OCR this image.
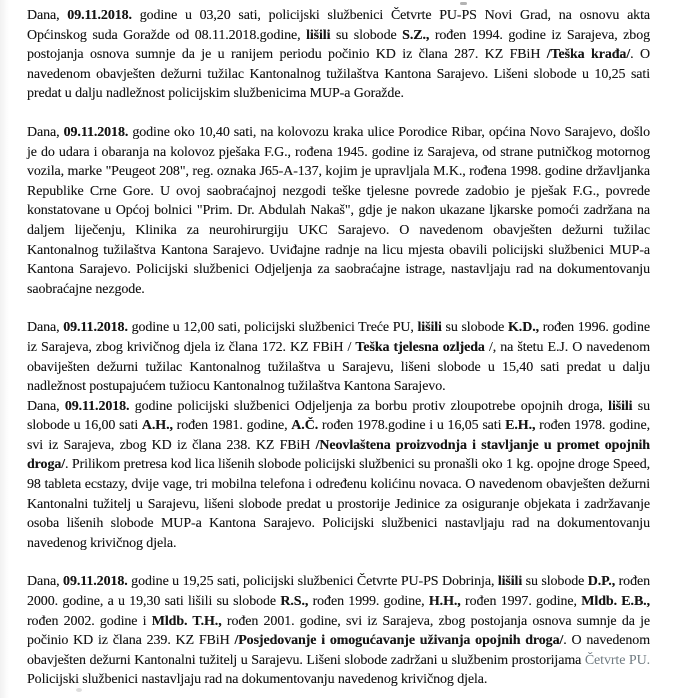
Dana, 09.11.2018. godine u 03,20 sati, policijski službenici Četvrte PU-PS Novi Grad, na osnovu akta Općinskog suda Goražde od 08.11.2018.godine, lišili su slobode S.Z., rođen 1994. godine iz Sarajeva, zbog postojanja osnova sumnje da je u ranijem periodu počinio KD iz člana 287. KZ FBiH /Teška krađa/. O navedenom obavješten dežurni tužilac Kantonalnog tužilaštva Kantona Sarajevo. Lišeni slobode u 10,25 sati predat u dalju nadležnost policijskim službenicima MUP-a Goražde.

Dana, 09.11.2018. godine oko 10,40 sati, na kolovozu kraka ulice Porodice Ribar, općina Novo Sarajevo, došlo je do udara i obaranja na kolovoz pješaka F.G., rođena 1945. godine iz Sarajeva, od strane putničkog motornog vozila, marke "Peugeot 208", reg. oznaka J65-A-137, kojim je upravljala M.K., rođena 1998. godine državljanka Republike Crne Gore. U ovoj saobraćajnoj nezgodi teške tjelesne povrede zadobio je pješak F.G., povrede konstatovane u Općoj bolnici "Prim. Dr. Abdulah Nakaš", gdje je nakon ukazane ljkarske pomoći zadržana na daljem liječenju, Klinika za neurohirurgiju UKC Sarajevo. O navedenom obavješten dežurni tužilac Kantonalnog tužilaštva Kantona Sarajevo. Uviđajne radnje na licu mjesta obavili policijski službenici MUP-a Kantona Sarajevo. Policijski službenici Odjeljenja za saobraćajne istrage, nastavljaju rad na dokumentovanju saobraćajne nezgode.

Dana, 09.11.2018. godine u 12,00 sati, policijski službenici Treće PU, lišili su slobode K.D., rođen 1996. godine iz Sarajeva, zbog krivičnog djela iz člana 172. KZ FBiH / Teška tjelesna ozljeda /, na štetu E.J. O navedenom obaviješten dežurni tužilac Kantonalnog tužilaštva u Sarajevu, lišeni slobode u 15,40 sati predat u dalju nadležnost postupajućem tužiocu Kantonalnog tužilaštva Kantona Sarajevo.

Dana, 09.11.2018. godine policijski službenici Odjeljenja za borbu protiv zloupotrebe opojnih droga, lišili su slobode u 16,00 sati A.H., rođen 1981. godine, A.Č. rođen 1978.godine i u 16,05 sati E.H., rođen 1978. godine, svi iz Sarajeva, zbog KD iz člana 238. KZ FBiH /Neovlaštena proizvodnja i stavljanje u promet opojnih droga/. Prilikom pretresa kod lica lišenih slobode policijski službenici su pronašli oko 1 kg. opojne droge Speed, 98 tableta ecstazy, dvije vage, tri mobilna telefona i određenu kolićinu novaca. O navedenom obavješten dežurni Kantonalni tužitelj u Sarajevu, lišeni slobode predat u prostorije Jedinice za osiguranje objekata i zadržavanje osoba lišenih slobode MUP-a Kantona Sarajevo. Policijski službenici nastavljaju rad na dokumentovanju navedenog krivičnog djela.

Dana, 09.11.2018. godine u 19,25 sati, policijski službenici Četvrte PU-PS Dobrinja, lišili su slobode D.P., rođen 2000. godine, a u 19,30 sati lišili su slobode R.S., rođen 1999. godine, H.H., rođen 1997. godine, Mldb. E.B., rođen 2002. godine i Mldb. T.H., rođen 2001. godine, svi iz Sarajeva, zbog postojanja osnova sumnje da je počinio KD iz člana 239. KZ FBiH /Posjedovanje i omogućavanje uživanja opojnih droga/. O navedenom obavješten dežurni Kantonalni tužitelj u Sarajevu. Lišeni slobode zadržani u službenim prostorijama Četvrte PU. Policijski službenici nastavljaju rad na dokumentovanju navedenog krivičnog djela.
